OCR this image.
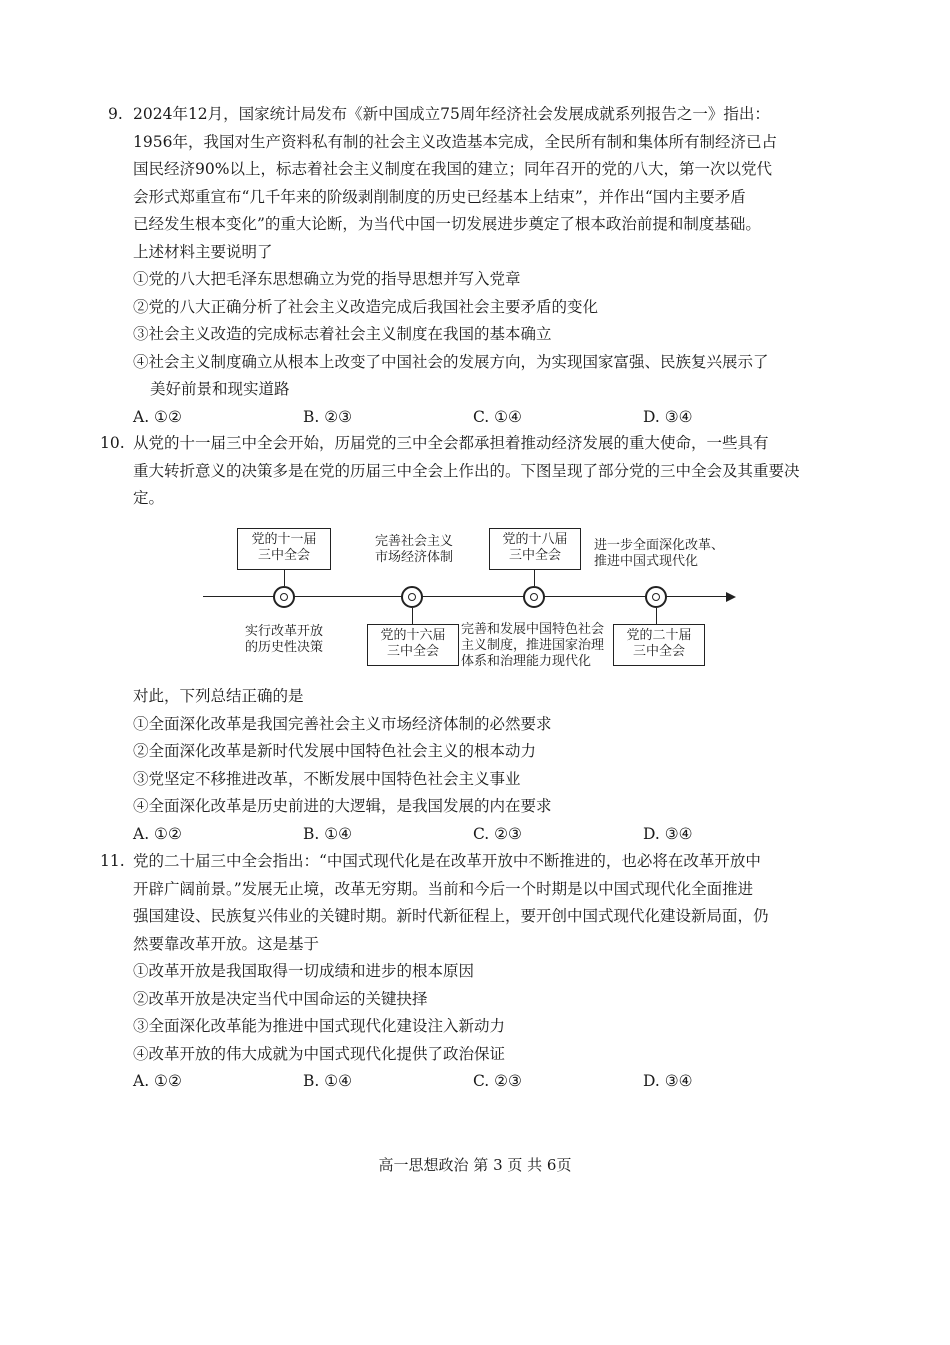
9. 2024年12月，国家统计局发布《新中国成立75周年经济社会发展成就系列报告之一》指出：
1956年，我国对生产资料私有制的社会主义改造基本完成，全民所有制和集体所有制经济已占
国民经济90%以上，标志着社会主义制度在我国的建立；同年召开的党的八大，第一次以党代
会形式郑重宣布“几千年来的阶级剥削制度的历史已经基本上结束”，并作出“国内主要矛盾
已经发生根本变化”的重大论断，为当代中国一切发展进步奠定了根本政治前提和制度基础。
上述材料主要说明了
①党的八大把毛泽东思想确立为党的指导思想并写入党章
②党的八大正确分析了社会主义改造完成后我国社会主要矛盾的变化
③社会主义改造的完成标志着社会主义制度在我国的基本确立
④社会主义制度确立从根本上改变了中国社会的发展方向，为实现国家富强、民族复兴展示了
美好前景和现实道路
A. ①②	B. ②③	C. ①④	D. ③④
10. 从党的十一届三中全会开始，历届党的三中全会都承担着推动经济发展的重大使命，一些具有
重大转折意义的决策多是在党的历届三中全会上作出的。下图呈现了部分党的三中全会及其重要决
定。
党的十一届
三中全会
实行改革开放
的历史性决策
完善社会主义
市场经济体制
党的十六届
三中全会
党的十八届
三中全会
完善和发展中国特色社会
主义制度，推进国家治理
体系和治理能力现代化
进一步全面深化改革、
推进中国式现代化
党的二十届
三中全会
对此，下列总结正确的是
①全面深化改革是我国完善社会主义市场经济体制的必然要求
②全面深化改革是新时代发展中国特色社会主义的根本动力
③党坚定不移推进改革，不断发展中国特色社会主义事业
④全面深化改革是历史前进的大逻辑，是我国发展的内在要求
A. ①②	B. ①④	C. ②③	D. ③④
11. 党的二十届三中全会指出：“中国式现代化是在改革开放中不断推进的，也必将在改革开放中
开辟广阔前景。”发展无止境，改革无穷期。当前和今后一个时期是以中国式现代化全面推进
强国建设、民族复兴伟业的关键时期。新时代新征程上，要开创中国式现代化建设新局面，仍
然要靠改革开放。这是基于
①改革开放是我国取得一切成绩和进步的根本原因
②改革开放是决定当代中国命运的关键抉择
③全面深化改革能为推进中国式现代化建设注入新动力
④改革开放的伟大成就为中国式现代化提供了政治保证
A. ①②	B. ①④	C. ②③	D. ③④
高一思想政治 第 3 页 共 6页
